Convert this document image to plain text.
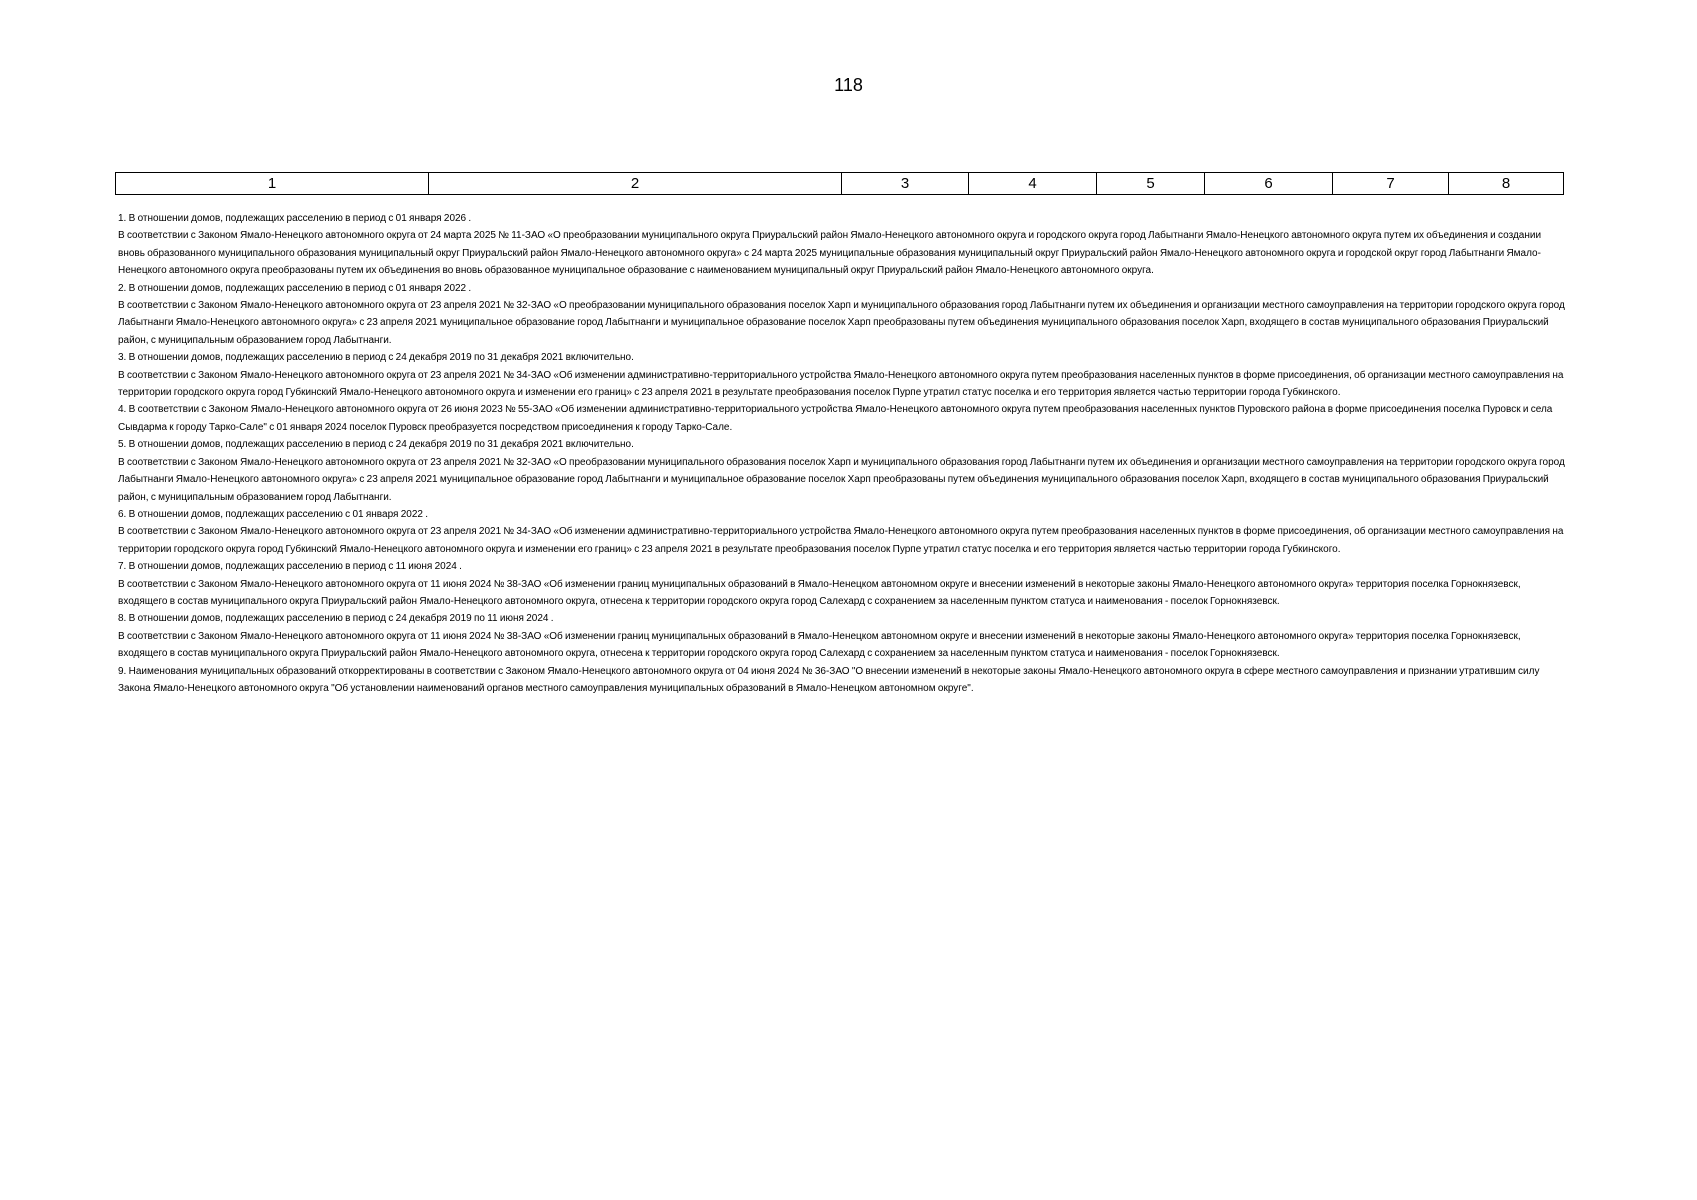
118
1	2	3	4	5	6	7	8

1. В отношении домов, подлежащих расселению в период с 01 января 2026 .

В соответствии с Законом Ямало-Ненецкого автономного округа от 24 марта 2025 № 11-ЗАО «О преобразовании муниципального округа Приуральский район Ямало-Ненецкого автономного округа и городского округа город Лабытнанги Ямало-Ненецкого автономного округа путем их объединения и создании вновь образованного муниципального образования муниципальный округ Приуральский район Ямало-Ненецкого автономного округа» с 24 марта 2025 муниципальные образования муниципальный округ Приуральский район Ямало-Ненецкого автономного округа и городской округ город Лабытнанги Ямало-Ненецкого автономного округа преобразованы путем их объединения во вновь образованное муниципальное образование с наименованием муниципальный округ Приуральский район Ямало-Ненецкого автономного округа.

2. В отношении домов, подлежащих расселению в период с 01 января 2022 .

В соответствии с Законом Ямало-Ненецкого автономного округа от 23 апреля 2021 № 32-ЗАО «О преобразовании муниципального образования поселок Харп и муниципального образования город Лабытнанги путем их объединения и организации местного самоуправления на территории городского округа город Лабытнанги Ямало-Ненецкого автономного округа» с 23 апреля 2021 муниципальное образование город Лабытнанги и муниципальное образование поселок Харп преобразованы путем объединения муниципального образования поселок Харп, входящего в состав муниципального образования Приуральский район, с муниципальным образованием город Лабытнанги.

3. В отношении домов, подлежащих расселению в период с 24 декабря 2019 по 31 декабря 2021 включительно.

В соответствии с Законом Ямало-Ненецкого автономного округа от 23 апреля 2021 № 34-ЗАО «Об изменении административно-территориального устройства Ямало-Ненецкого автономного округа путем преобразования населенных пунктов в форме присоединения, об организации местного самоуправления на территории городского округа город Губкинский Ямало-Ненецкого автономного округа и изменении его границ» с 23 апреля 2021 в результате преобразования поселок Пурпе утратил статус поселка и его территория является частью территории города Губкинского.

4. В соответствии с Законом Ямало-Ненецкого автономного округа от 26 июня 2023 № 55-ЗАО «Об изменении административно-территориального устройства Ямало-Ненецкого автономного округа путем преобразования населенных пунктов Пуровского района в форме присоединения поселка Пуровск и села Сывдарма к городу Тарко-Сале" с 01 января 2024 поселок Пуровск преобразуется посредством присоединения к городу Тарко-Сале.

5. В отношении домов, подлежащих расселению в период с 24 декабря 2019 по 31 декабря 2021 включительно.

В соответствии с Законом Ямало-Ненецкого автономного округа от 23 апреля 2021 № 32-ЗАО «О преобразовании муниципального образования поселок Харп и муниципального образования город Лабытнанги путем их объединения и организации местного самоуправления на территории городского округа город Лабытнанги Ямало-Ненецкого автономного округа» с 23 апреля 2021 муниципальное образование город Лабытнанги и муниципальное образование поселок Харп преобразованы путем объединения муниципального образования поселок Харп, входящего в состав муниципального образования Приуральский район, с муниципальным образованием город Лабытнанги.

6. В отношении домов, подлежащих расселению с 01 января 2022 .

В соответствии с Законом Ямало-Ненецкого автономного округа от 23 апреля 2021 № 34-ЗАО «Об изменении административно-территориального устройства Ямало-Ненецкого автономного округа путем преобразования населенных пунктов в форме присоединения, об организации местного самоуправления на территории городского округа город Губкинский Ямало-Ненецкого автономного округа и изменении его границ» с 23 апреля 2021 в результате преобразования поселок Пурпе утратил статус поселка и его территория является частью территории города Губкинского.

7. В отношении домов, подлежащих расселению в период с 11 июня 2024 .

В соответствии с Законом Ямало-Ненецкого автономного округа от 11 июня 2024 № 38-ЗАО «Об изменении границ муниципальных образований в Ямало-Ненецком автономном округе и внесении изменений в некоторые законы Ямало-Ненецкого автономного округа» территория поселка Горнокнязевск, входящего в состав муниципального округа Приуральский район Ямало-Ненецкого автономного округа, отнесена к территории городского округа город Салехард с сохранением за населенным пунктом статуса и наименования - поселок Горнокнязевск.

8. В отношении домов, подлежащих расселению в период с 24 декабря 2019 по 11 июня 2024 .

В соответствии с Законом Ямало-Ненецкого автономного округа от 11 июня 2024 № 38-ЗАО «Об изменении границ муниципальных образований в Ямало-Ненецком автономном округе и внесении изменений в некоторые законы Ямало-Ненецкого автономного округа» территория поселка Горнокнязевск, входящего в состав муниципального округа Приуральский район Ямало-Ненецкого автономного округа, отнесена к территории городского округа город Салехард с сохранением за населенным пунктом статуса и наименования - поселок Горнокнязевск.

9. Наименования муниципальных образований откорректированы в соответствии с Законом Ямало-Ненецкого автономного округа от 04 июня 2024 № 36-ЗАО "О внесении изменений в некоторые законы Ямало-Ненецкого автономного округа в сфере местного самоуправления и признании утратившим силу Закона Ямало-Ненецкого автономного округа "Об установлении наименований органов местного самоуправления муниципальных образований в Ямало-Ненецком автономном округе".
